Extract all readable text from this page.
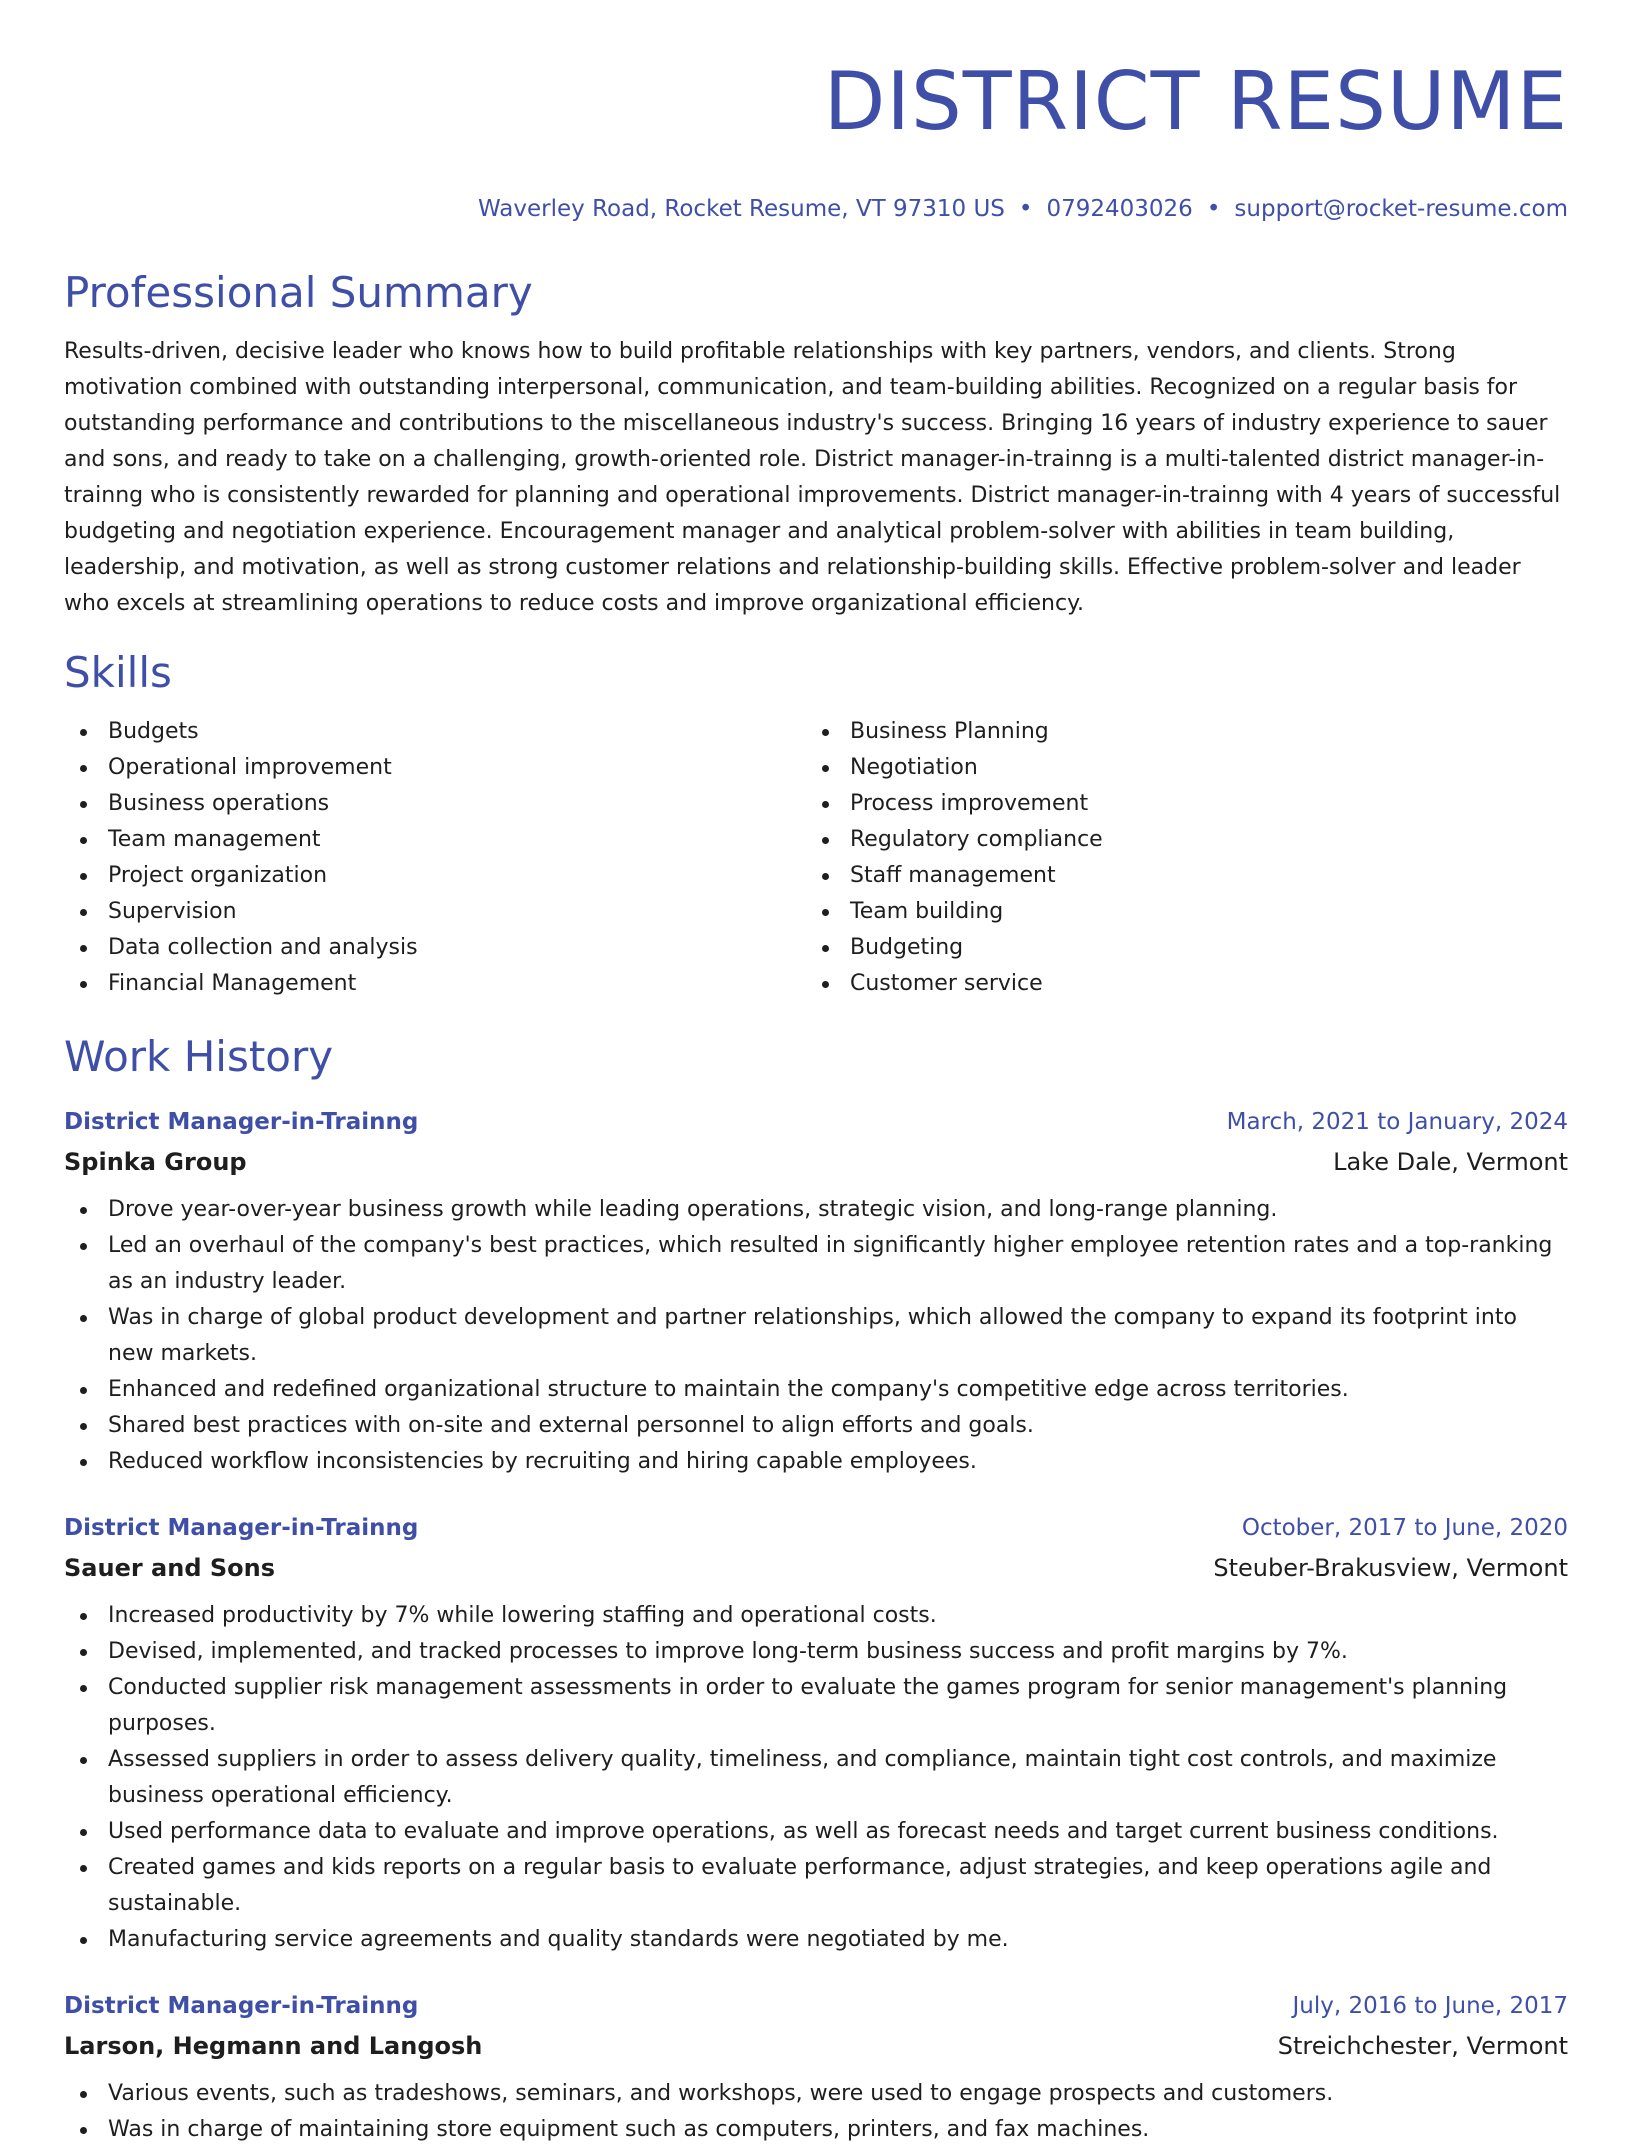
DISTRICT RESUME
Waverley Road, Rocket Resume, VT 97310 US • 0792403026 • support@rocket-resume.com
Professional Summary

Results-driven, decisive leader who knows how to build profitable relationships with key partners, vendors, and clients. Strong motivation combined with outstanding interpersonal, communication, and team-building abilities. Recognized on a regular basis for outstanding performance and contributions to the miscellaneous industry's success. Bringing 16 years of industry experience to sauer and sons, and ready to take on a challenging, growth-oriented role. District manager-in-trainng is a multi-talented district manager-in-trainng who is consistently rewarded for planning and operational improvements. District manager-in-trainng with 4 years of successful budgeting and negotiation experience. Encouragement manager and analytical problem-solver with abilities in team building, leadership, and motivation, as well as strong customer relations and relationship-building skills. Effective problem-solver and leader who excels at streamlining operations to reduce costs and improve organizational efficiency.

Skills
Budgets
Operational improvement
Business operations
Team management
Project organization
Supervision
Data collection and analysis
Financial Management
Business Planning
Negotiation
Process improvement
Regulatory compliance
Staff management
Team building
Budgeting
Customer service
Work History
District Manager-in-Trainng	March, 2021 to January, 2024
Spinka Group	Lake Dale, Vermont
Drove year-over-year business growth while leading operations, strategic vision, and long-range planning.
Led an overhaul of the company's best practices, which resulted in significantly higher employee retention rates and a top-ranking as an industry leader.
Was in charge of global product development and partner relationships, which allowed the company to expand its footprint into new markets.
Enhanced and redefined organizational structure to maintain the company's competitive edge across territories.
Shared best practices with on-site and external personnel to align efforts and goals.
Reduced workflow inconsistencies by recruiting and hiring capable employees.
District Manager-in-Trainng	October, 2017 to June, 2020
Sauer and Sons	Steuber-Brakusview, Vermont
Increased productivity by 7% while lowering staffing and operational costs.
Devised, implemented, and tracked processes to improve long-term business success and profit margins by 7%.
Conducted supplier risk management assessments in order to evaluate the games program for senior management's planning purposes.
Assessed suppliers in order to assess delivery quality, timeliness, and compliance, maintain tight cost controls, and maximize business operational efficiency.
Used performance data to evaluate and improve operations, as well as forecast needs and target current business conditions.
Created games and kids reports on a regular basis to evaluate performance, adjust strategies, and keep operations agile and sustainable.
Manufacturing service agreements and quality standards were negotiated by me.
District Manager-in-Trainng	July, 2016 to June, 2017
Larson, Hegmann and Langosh	Streichchester, Vermont
Various events, such as tradeshows, seminars, and workshops, were used to engage prospects and customers.
Was in charge of maintaining store equipment such as computers, printers, and fax machines.
